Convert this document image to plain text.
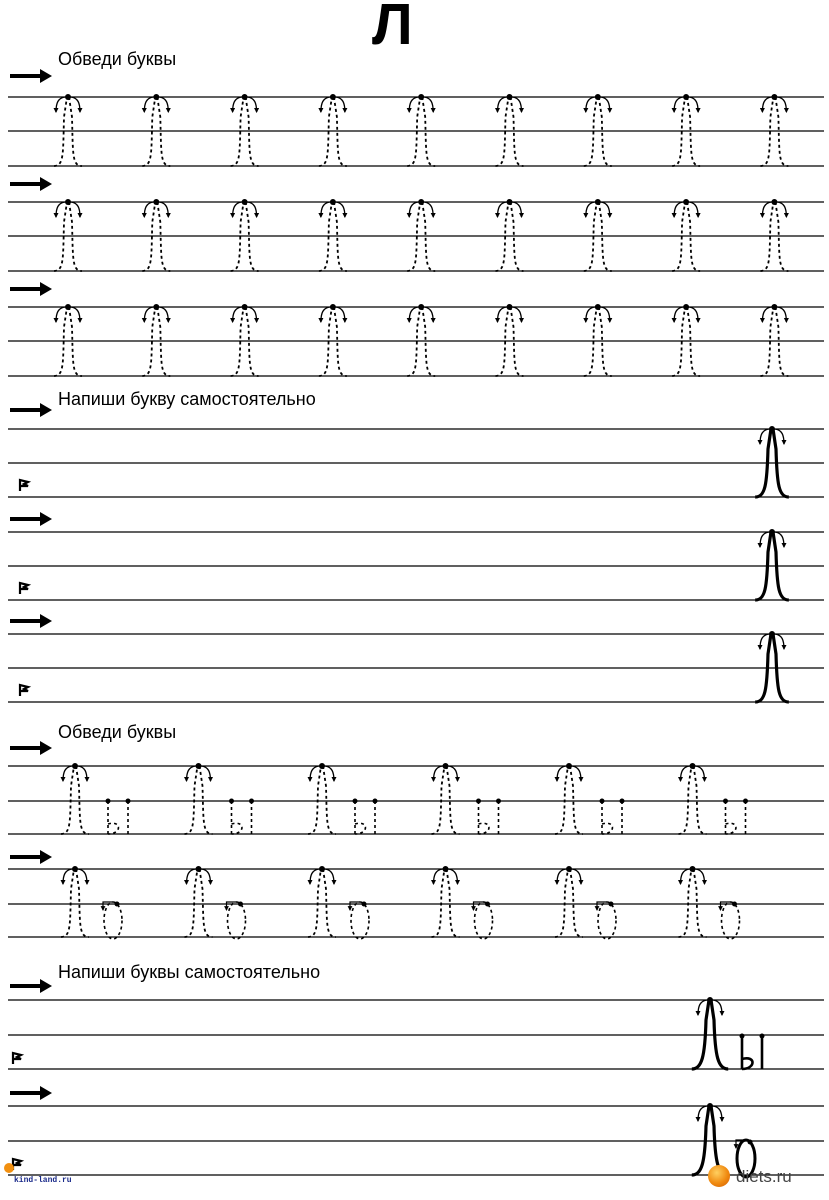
Л
Обведи буквы
Напиши букву самостоятельно
Обведи буквы
Напиши буквы самостоятельно
kind-land.ru	diets.ru
